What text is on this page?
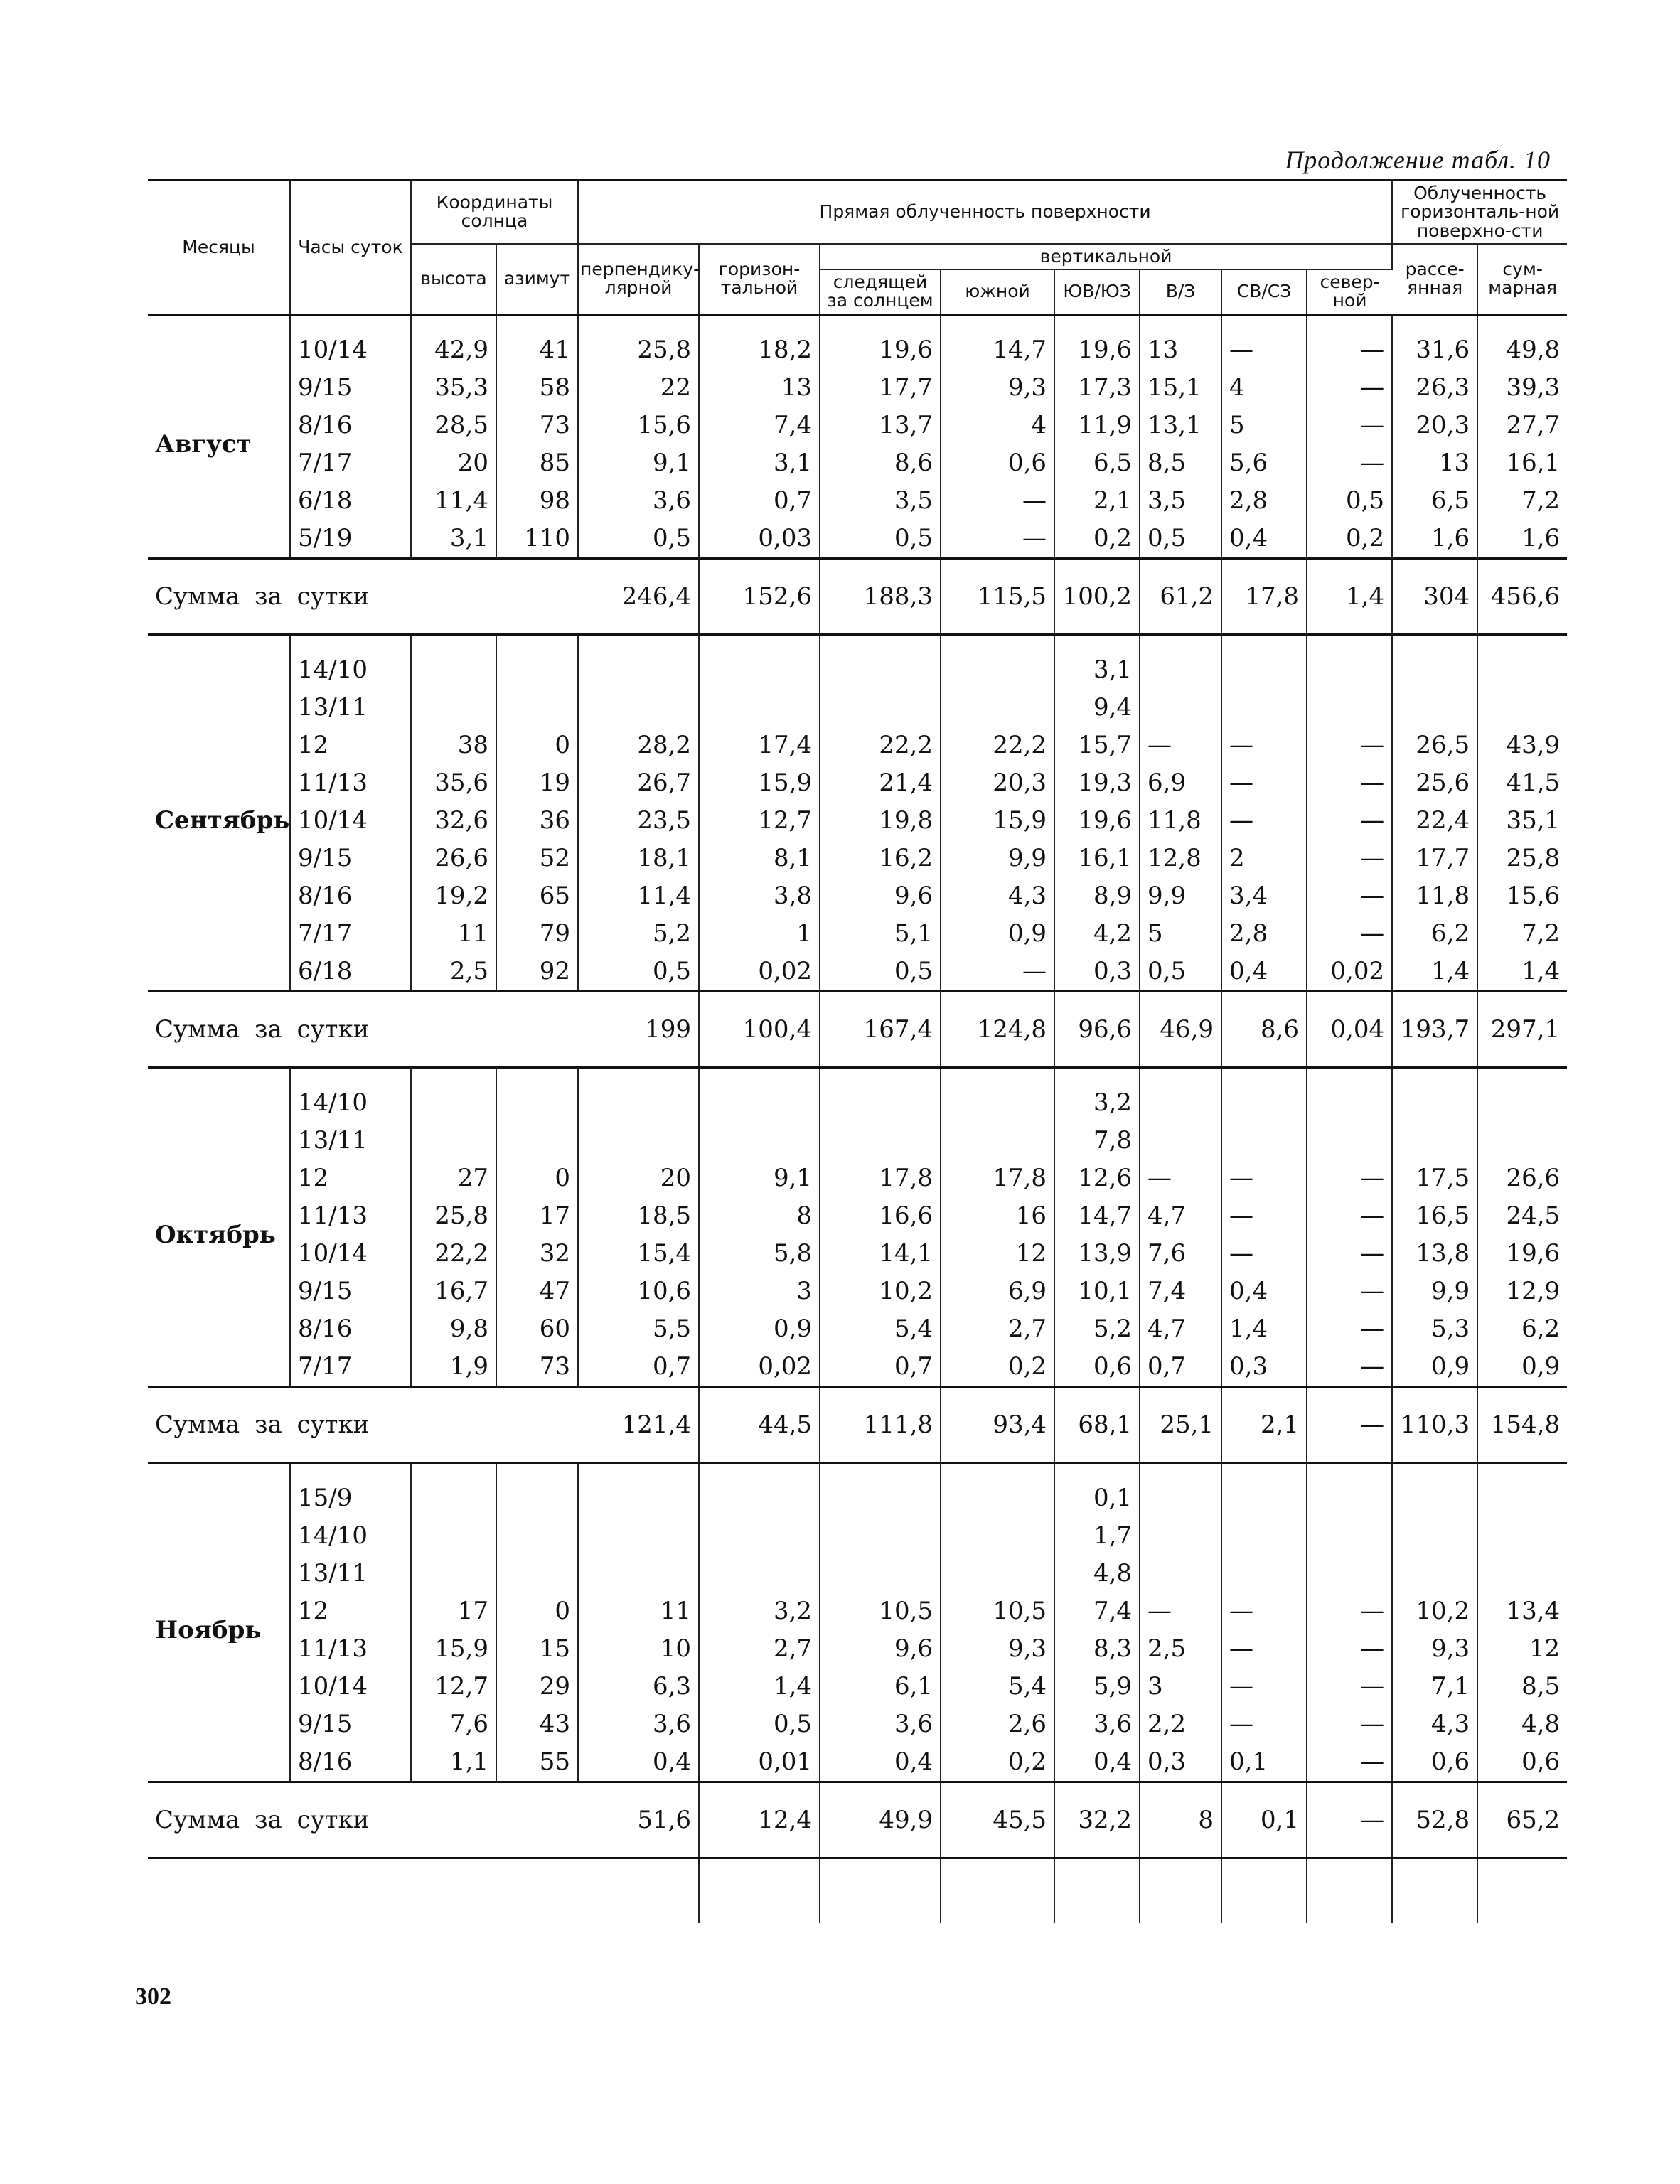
Продолжение табл. 10
Месяцы	Часы суток	Координаты солнца		Прямая облученность поверхности								Облученность горизонталь-ной поверхно-сти	
		высота	азимут	перпендику-лярной	горизон-тальной	вертикальной						рассе-янная	сум-марная
						следящей за солнцем	южной	ЮВ/ЮЗ	В/З	СВ/СЗ	север-ной		

Август	10/14	42,9	41	25,8	18,2	19,6	14,7	19,6	13	—	—	31,6	49,8
	9/15	35,3	58	22	13	17,7	9,3	17,3	15,1	4	—	26,3	39,3
	8/16	28,5	73	15,6	7,4	13,7	4	11,9	13,1	5	—	20,3	27,7
	7/17	20	85	9,1	3,1	8,6	0,6	6,5	8,5	5,6	—	13	16,1
	6/18	11,4	98	3,6	0,7	3,5	—	2,1	3,5	2,8	0,5	6,5	7,2
	5/19	3,1	110	0,5	0,03	0,5	—	0,2	0,5	0,4	0,2	1,6	1,6
Сумма за сутки				246,4	152,6	188,3	115,5	100,2	61,2	17,8	1,4	304	456,6

Сентябрь	14/10							3,1					
	13/11							9,4					
	12	38	0	28,2	17,4	22,2	22,2	15,7	—	—	—	26,5	43,9
	11/13	35,6	19	26,7	15,9	21,4	20,3	19,3	6,9	—	—	25,6	41,5
	10/14	32,6	36	23,5	12,7	19,8	15,9	19,6	11,8	—	—	22,4	35,1
	9/15	26,6	52	18,1	8,1	16,2	9,9	16,1	12,8	2	—	17,7	25,8
	8/16	19,2	65	11,4	3,8	9,6	4,3	8,9	9,9	3,4	—	11,8	15,6
	7/17	11	79	5,2	1	5,1	0,9	4,2	5	2,8	—	6,2	7,2
	6/18	2,5	92	0,5	0,02	0,5	—	0,3	0,5	0,4	0,02	1,4	1,4
Сумма за сутки				199	100,4	167,4	124,8	96,6	46,9	8,6	0,04	193,7	297,1

Октябрь	14/10							3,2					
	13/11							7,8					
	12	27	0	20	9,1	17,8	17,8	12,6	—	—	—	17,5	26,6
	11/13	25,8	17	18,5	8	16,6	16	14,7	4,7	—	—	16,5	24,5
	10/14	22,2	32	15,4	5,8	14,1	12	13,9	7,6	—	—	13,8	19,6
	9/15	16,7	47	10,6	3	10,2	6,9	10,1	7,4	0,4	—	9,9	12,9
	8/16	9,8	60	5,5	0,9	5,4	2,7	5,2	4,7	1,4	—	5,3	6,2
	7/17	1,9	73	0,7	0,02	0,7	0,2	0,6	0,7	0,3	—	0,9	0,9
Сумма за сутки				121,4	44,5	111,8	93,4	68,1	25,1	2,1	—	110,3	154,8

Ноябрь	15/9							0,1					
	14/10							1,7					
	13/11							4,8					
	12	17	0	11	3,2	10,5	10,5	7,4	—	—	—	10,2	13,4
	11/13	15,9	15	10	2,7	9,6	9,3	8,3	2,5	—	—	9,3	12
	10/14	12,7	29	6,3	1,4	6,1	5,4	5,9	3	—	—	7,1	8,5
	9/15	7,6	43	3,6	0,5	3,6	2,6	3,6	2,2	—	—	4,3	4,8
	8/16	1,1	55	0,4	0,01	0,4	0,2	0,4	0,3	0,1	—	0,6	0,6
Сумма за сутки				51,6	12,4	49,9	45,5	32,2	8	0,1	—	52,8	65,2

302
